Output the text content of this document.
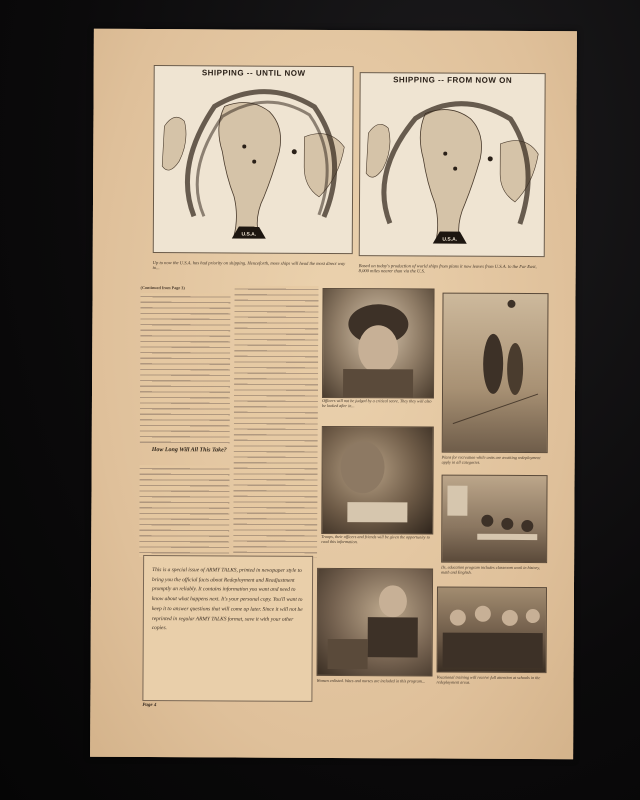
SHIPPING -- UNTIL NOW
U.S.A.
SHIPPING -- FROM NOW ON
U.S.A.
Up to now the U.S.A. has had priority on shipping. Henceforth, more ships will head the most direct way to...	Based on today's production of world ships from plans it now leaves from U.S.A. to the Far East, 8,000 miles nearer than via the U.S.
(Continued from Page 3)
How Long Will All This Take?
This is a special issue of ARMY TALKS, printed in newspaper style to bring you the official facts about Redeployment and Readjustment promptly an reliably. It contains information you want and need to know about what happens next. It's your personal copy. You'll want to keep it to answer questions that will come up later. Since it will not be reprinted in regular ARMY TALKS format, save it with your other copies.
Page 4
Officers will not be judged by a critical score. They they will also be looked after in...
Plans for recreation while units are awaiting redeployment apply in all categories.
Troops, their officers and friends will be given the opportunity to read this information.
IIs, education program includes classroom work in history, math and English.
Women enlisted. Wacs and nurses are included in this program...
Vocational training will receive full attention at schools in the redeployment areas.
